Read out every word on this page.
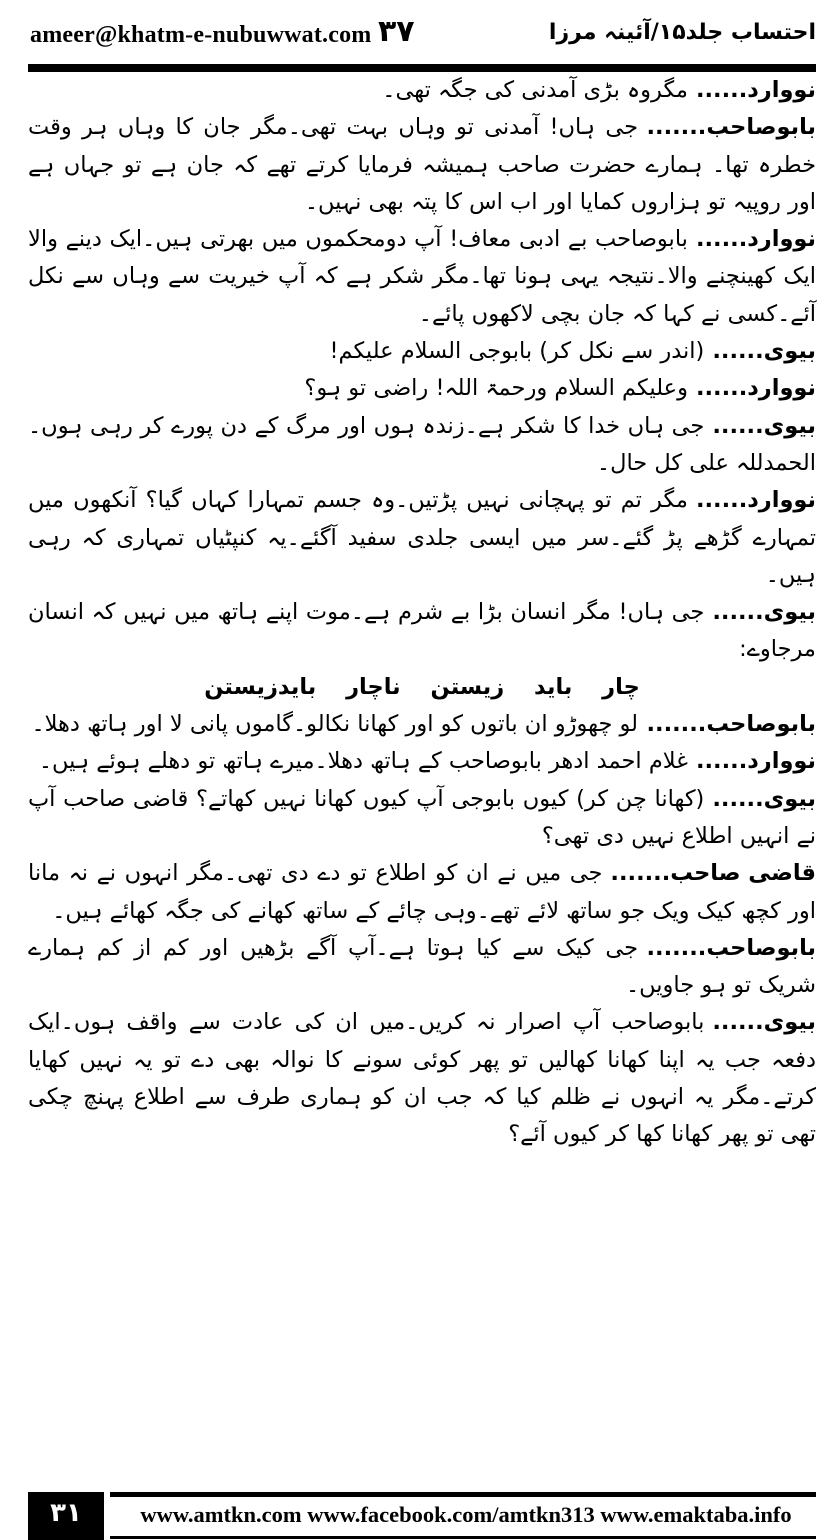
ameer@khatm-e-nubuwwat.com ۳۷	احتساب جلد۱۵/آئینہ مرزا

نووارد......مگروہ بڑی آمدنی کی جگہ تھی۔

بابوصاحب.......جی ہاں! آمدنی تو وہاں بہت تھی۔مگر جان کا وہاں ہر وقت خطرہ تھا۔ ہمارے حضرت صاحب ہمیشہ فرمایا کرتے تھے کہ جان ہے تو جہاں ہے اور روپیہ تو ہزاروں کمایا اور اب اس کا پتہ بھی نہیں۔

نووارد......بابوصاحب بے ادبی معاف! آپ دومحکموں میں بھرتی ہیں۔ایک دینے والا ایک کھینچنے والا۔نتیجہ یہی ہونا تھا۔مگر شکر ہے کہ آپ خیریت سے وہاں سے نکل آئے۔کسی نے کہا کہ جان بچی لاکھوں پائے۔

بیوی......(اندر سے نکل کر) بابوجی السلام علیکم!

نووارد......وعلیکم السلام ورحمۃ اللہ! راضی تو ہو؟

بیوی......جی ہاں خدا کا شکر ہے۔زندہ ہوں اور مرگ کے دن پورے کر رہی ہوں۔الحمدللہ علی کل حال۔

نووارد......مگر تم تو پہچانی نہیں پڑتیں۔وہ جسم تمہارا کہاں گیا؟ آنکھوں میں تمہارے گڑھے پڑ گئے۔سر میں ایسی جلدی سفید آگئے۔یہ کنپٹیاں تمہاری کہ رہی ہیں۔

بیوی......جی ہاں! مگر انسان بڑا بے شرم ہے۔موت اپنے ہاتھ میں نہیں کہ انسان مرجاوے:

چار باید زیستن ناچار بایدزیستن

بابوصاحب.......لو چھوڑو ان باتوں کو اور کھانا نکالو۔گاموں پانی لا اور ہاتھ دھلا۔

نووارد......غلام احمد ادھر بابوصاحب کے ہاتھ دھلا۔میرے ہاتھ تو دھلے ہوئے ہیں۔

بیوی......(کھانا چن کر) کیوں بابوجی آپ کیوں کھانا نہیں کھاتے؟ قاضی صاحب آپ نے انہیں اطلاع نہیں دی تھی؟

قاضی صاحب.......جی میں نے ان کو اطلاع تو دے دی تھی۔مگر انہوں نے نہ مانا اور کچھ کیک ویک جو ساتھ لائے تھے۔وہی چائے کے ساتھ کھانے کی جگہ کھائے ہیں۔

بابوصاحب.......جی کیک سے کیا ہوتا ہے۔آپ آگے بڑھیں اور کم از کم ہمارے شریک تو ہو جاویں۔

بیوی......بابوصاحب آپ اصرار نہ کریں۔میں ان کی عادت سے واقف ہوں۔ایک دفعہ جب یہ اپنا کھانا کھالیں تو پھر کوئی سونے کا نوالہ بھی دے تو یہ نہیں کھایا کرتے۔مگر یہ انہوں نے ظلم کیا کہ جب ان کو ہماری طرف سے اطلاع پہنچ چکی تھی تو پھر کھانا کھا کر کیوں آئے؟

۳۱	www.amtkn.com www.facebook.com/amtkn313 www.emaktaba.info
